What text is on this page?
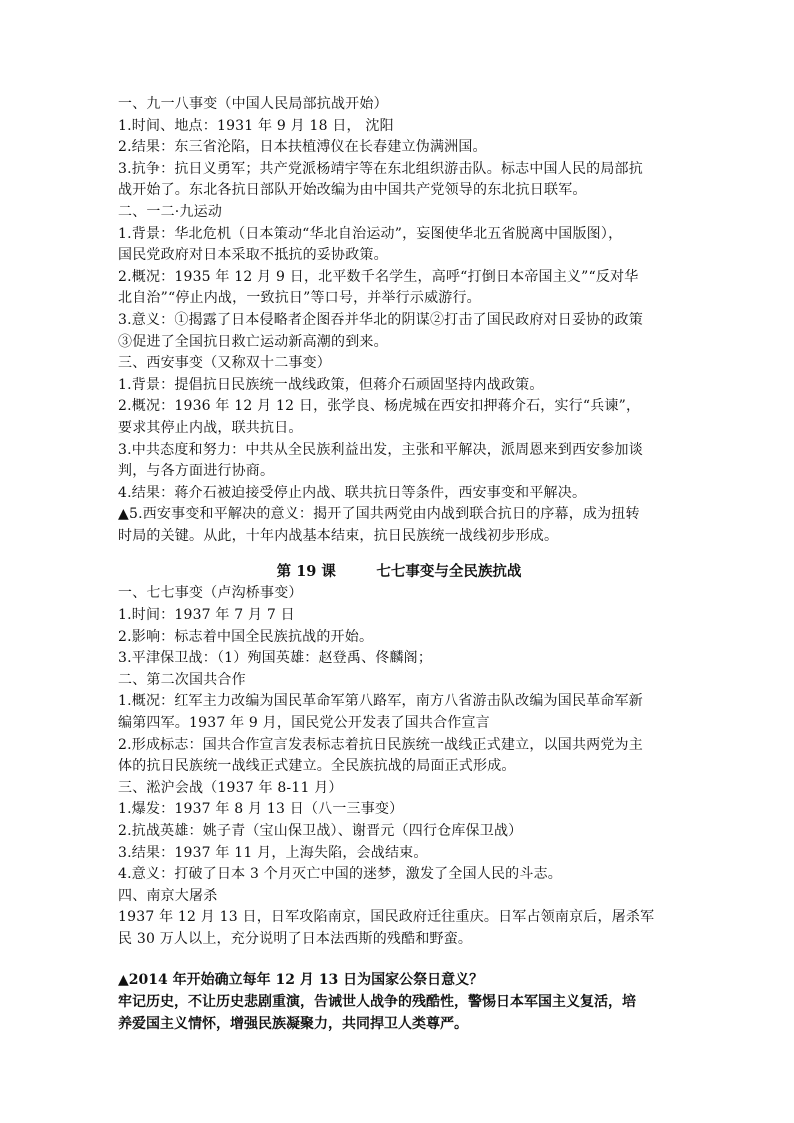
一、九一八事变（中国人民局部抗战开始）
1.时间、地点：1931 年 9 月 18 日， 沈阳
2.结果：东三省沦陷，日本扶植溥仪在长春建立伪满洲国。
3.抗争：抗日义勇军；共产党派杨靖宇等在东北组织游击队。标志中国人民的局部抗
战开始了。东北各抗日部队开始改编为由中国共产党领导的东北抗日联军。
二、一二·九运动
1.背景：华北危机（日本策动“华北自治运动”，妄图使华北五省脱离中国版图），
国民党政府对日本采取不抵抗的妥协政策。
2.概况：1935 年 12 月 9 日，北平数千名学生，高呼“打倒日本帝国主义”“反对华
北自治”“停止内战，一致抗日”等口号，并举行示威游行。
3.意义：①揭露了日本侵略者企图吞并华北的阴谋②打击了国民政府对日妥协的政策
③促进了全国抗日救亡运动新高潮的到来。
三、西安事变（又称双十二事变）
1.背景：提倡抗日民族统一战线政策，但蒋介石顽固坚持内战政策。
2.概况：1936 年 12 月 12 日，张学良、杨虎城在西安扣押蒋介石，实行“兵谏”，
要求其停止内战，联共抗日。
3.中共态度和努力：中共从全民族利益出发，主张和平解决，派周恩来到西安参加谈
判，与各方面进行协商。
4.结果：蒋介石被迫接受停止内战、联共抗日等条件，西安事变和平解决。
▲5.西安事变和平解决的意义：揭开了国共两党由内战到联合抗日的序幕，成为扭转
时局的关键。从此，十年内战基本结束，抗日民族统一战线初步形成。
第 19 课        七七事变与全民族抗战
一、七七事变（卢沟桥事变）
1.时间：1937 年 7 月 7 日
2.影响：标志着中国全民族抗战的开始。
3.平津保卫战：（1）殉国英雄：赵登禹、佟麟阁；
二、第二次国共合作
1.概况：红军主力改编为国民革命军第八路军，南方八省游击队改编为国民革命军新
编第四军。1937 年 9 月，国民党公开发表了国共合作宣言
2.形成标志：国共合作宣言发表标志着抗日民族统一战线正式建立，以国共两党为主
体的抗日民族统一战线正式建立。全民族抗战的局面正式形成。
三、淞沪会战（1937 年 8-11 月）
1.爆发：1937 年 8 月 13 日（八一三事变）
2.抗战英雄：姚子青（宝山保卫战）、谢晋元（四行仓库保卫战）
3.结果：1937 年 11 月，上海失陷，会战结束。
4.意义：打破了日本 3 个月灭亡中国的迷梦，激发了全国人民的斗志。
四、南京大屠杀
1937 年 12 月 13 日，日军攻陷南京，国民政府迁往重庆。日军占领南京后，屠杀军
民 30 万人以上，充分说明了日本法西斯的残酷和野蛮。
▲2014 年开始确立每年 12 月 13 日为国家公祭日意义？
牢记历史，不让历史悲剧重演，告诫世人战争的残酷性，警惕日本军国主义复活，培
养爱国主义情怀，增强民族凝聚力，共同捍卫人类尊严。
